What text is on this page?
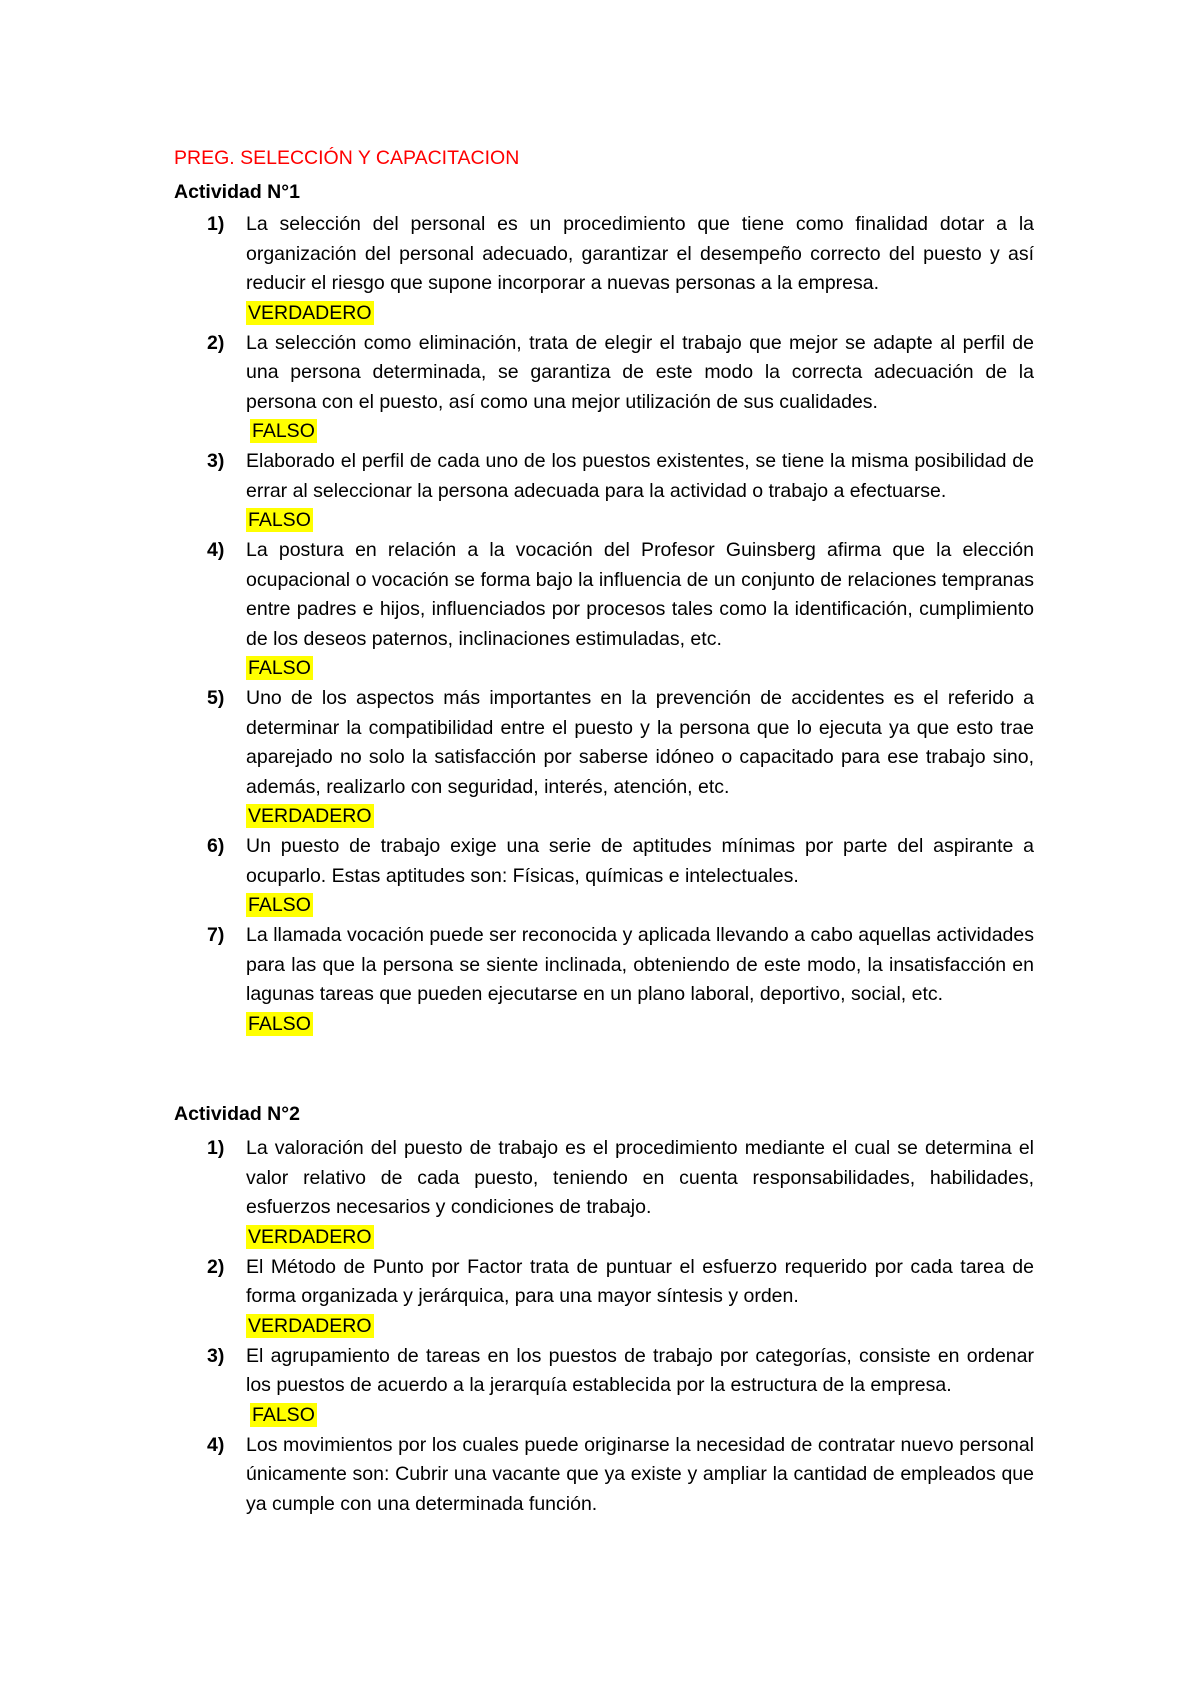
PREG. SELECCIÓN Y CAPACITACION

Actividad N°1

1)	La selección del personal es un procedimiento que tiene como finalidad dotar a la organización del personal adecuado, garantizar el desempeño correcto del puesto y así reducir el riesgo que supone incorporar a nuevas personas a la empresa.
VERDADERO
2)	La selección como eliminación, trata de elegir el trabajo que mejor se adapte al perfil de una persona determinada, se garantiza de este modo la correcta adecuación de la persona con el puesto, así como una mejor utilización de sus cualidades.
FALSO
3)	Elaborado el perfil de cada uno de los puestos existentes, se tiene la misma posibilidad de errar al seleccionar la persona adecuada para la actividad o trabajo a efectuarse.
FALSO
4)	La postura en relación a la vocación del Profesor Guinsberg afirma que la elección ocupacional o vocación se forma bajo la influencia de un conjunto de relaciones tempranas entre padres e hijos, influenciados por procesos tales como la identificación, cumplimiento de los deseos paternos, inclinaciones estimuladas, etc.
FALSO
5)	Uno de los aspectos más importantes en la prevención de accidentes es el referido a determinar la compatibilidad entre el puesto y la persona que lo ejecuta ya que esto trae aparejado no solo la satisfacción por saberse idóneo o capacitado para ese trabajo sino, además, realizarlo con seguridad, interés, atención, etc.
VERDADERO
6)	Un puesto de trabajo exige una serie de aptitudes mínimas por parte del aspirante a ocuparlo. Estas aptitudes son: Físicas, químicas e intelectuales.
FALSO
7)	La llamada vocación puede ser reconocida y aplicada llevando a cabo aquellas actividades para las que la persona se siente inclinada, obteniendo de este modo, la insatisfacción en lagunas tareas que pueden ejecutarse en un plano laboral, deportivo, social, etc.
FALSO

Actividad N°2

1)	La valoración del puesto de trabajo es el procedimiento mediante el cual se determina el valor relativo de cada puesto, teniendo en cuenta responsabilidades, habilidades, esfuerzos necesarios y condiciones de trabajo.
VERDADERO
2)	El Método de Punto por Factor trata de puntuar el esfuerzo requerido por cada tarea de forma organizada y jerárquica, para una mayor síntesis y orden.
VERDADERO
3)	El agrupamiento de tareas en los puestos de trabajo por categorías, consiste en ordenar los puestos de acuerdo a la jerarquía establecida por la estructura de la empresa.
FALSO
4)	Los movimientos por los cuales puede originarse la necesidad de contratar nuevo personal únicamente son: Cubrir una vacante que ya existe y ampliar la cantidad de empleados que ya cumple con una determinada función.
